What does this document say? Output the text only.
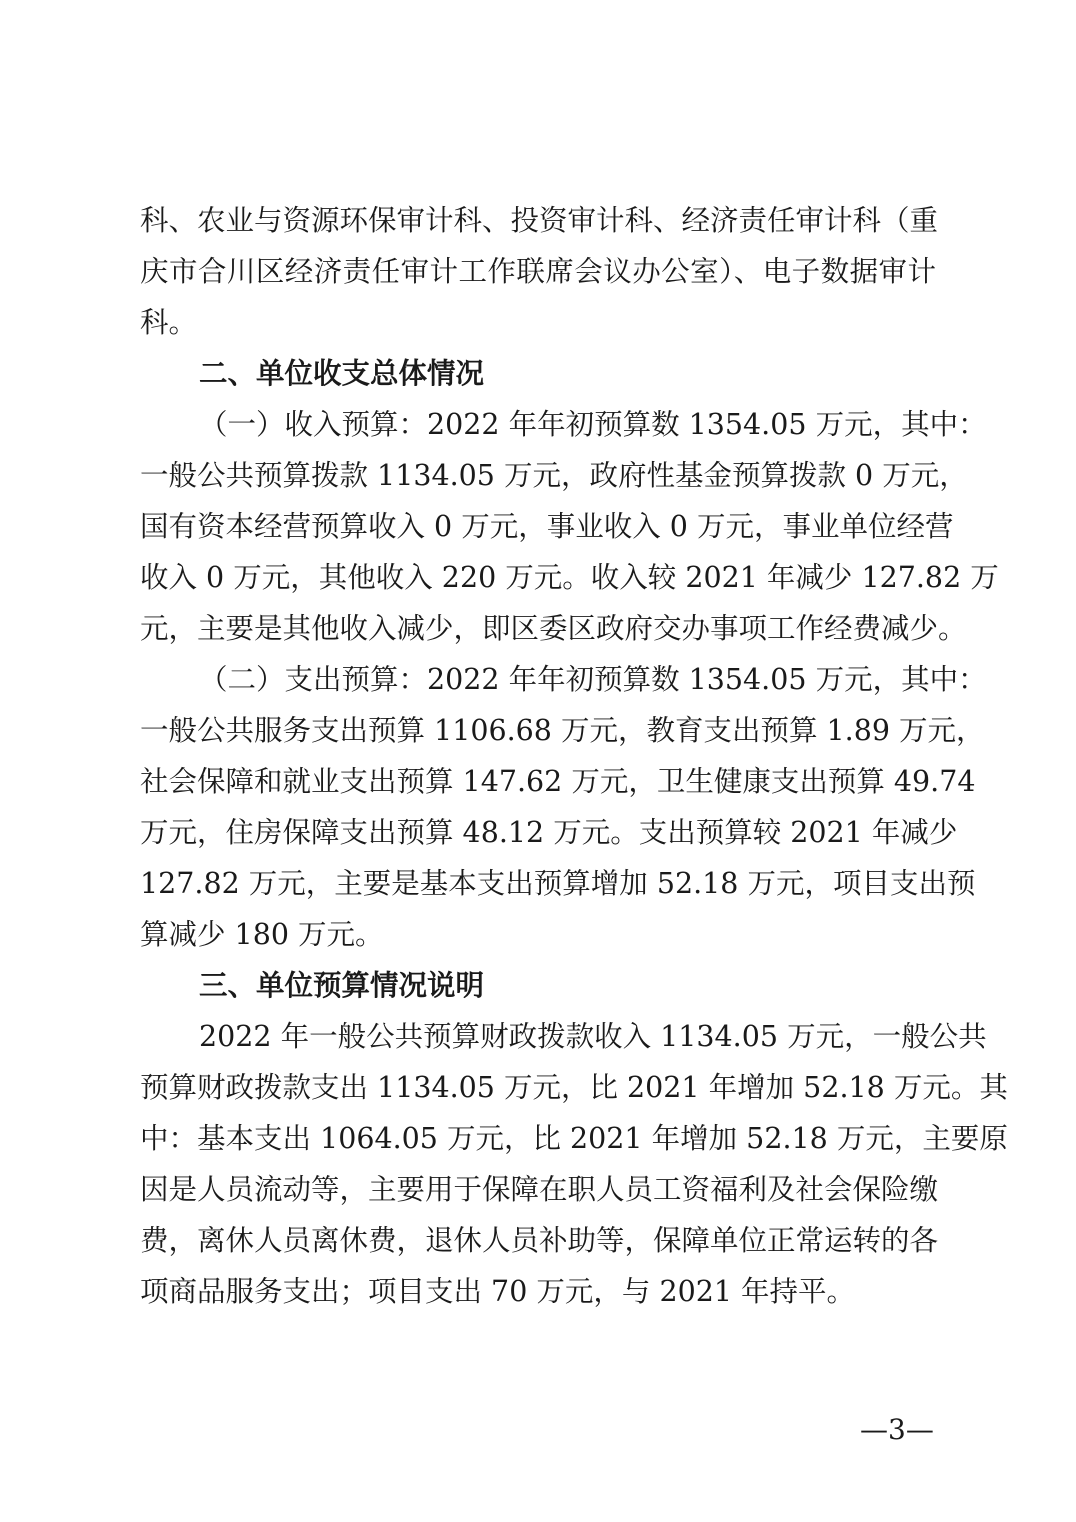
科、农业与资源环保审计科、投资审计科、经济责任审计科（重
庆市合川区经济责任审计工作联席会议办公室）、电子数据审计
科。
二、单位收支总体情况
（一）收入预算：2022 年年初预算数 1354.05 万元，其中：
一般公共预算拨款 1134.05 万元，政府性基金预算拨款 0 万元，
国有资本经营预算收入 0 万元，事业收入 0 万元，事业单位经营
收入 0 万元，其他收入 220 万元。收入较 2021 年减少 127.82 万
元，主要是其他收入减少，即区委区政府交办事项工作经费减少。
（二）支出预算：2022 年年初预算数 1354.05 万元，其中：
一般公共服务支出预算 1106.68 万元，教育支出预算 1.89 万元，
社会保障和就业支出预算 147.62 万元，卫生健康支出预算 49.74
万元，住房保障支出预算 48.12 万元。支出预算较 2021 年减少
127.82 万元，主要是基本支出预算增加 52.18 万元，项目支出预
算减少 180 万元。
三、单位预算情况说明
2022 年一般公共预算财政拨款收入 1134.05 万元，一般公共
预算财政拨款支出 1134.05 万元，比 2021 年增加 52.18 万元。其
中：基本支出 1064.05 万元，比 2021 年增加 52.18 万元，主要原
因是人员流动等，主要用于保障在职人员工资福利及社会保险缴
费，离休人员离休费，退休人员补助等，保障单位正常运转的各
项商品服务支出；项目支出 70 万元，与 2021 年持平。
—3—
